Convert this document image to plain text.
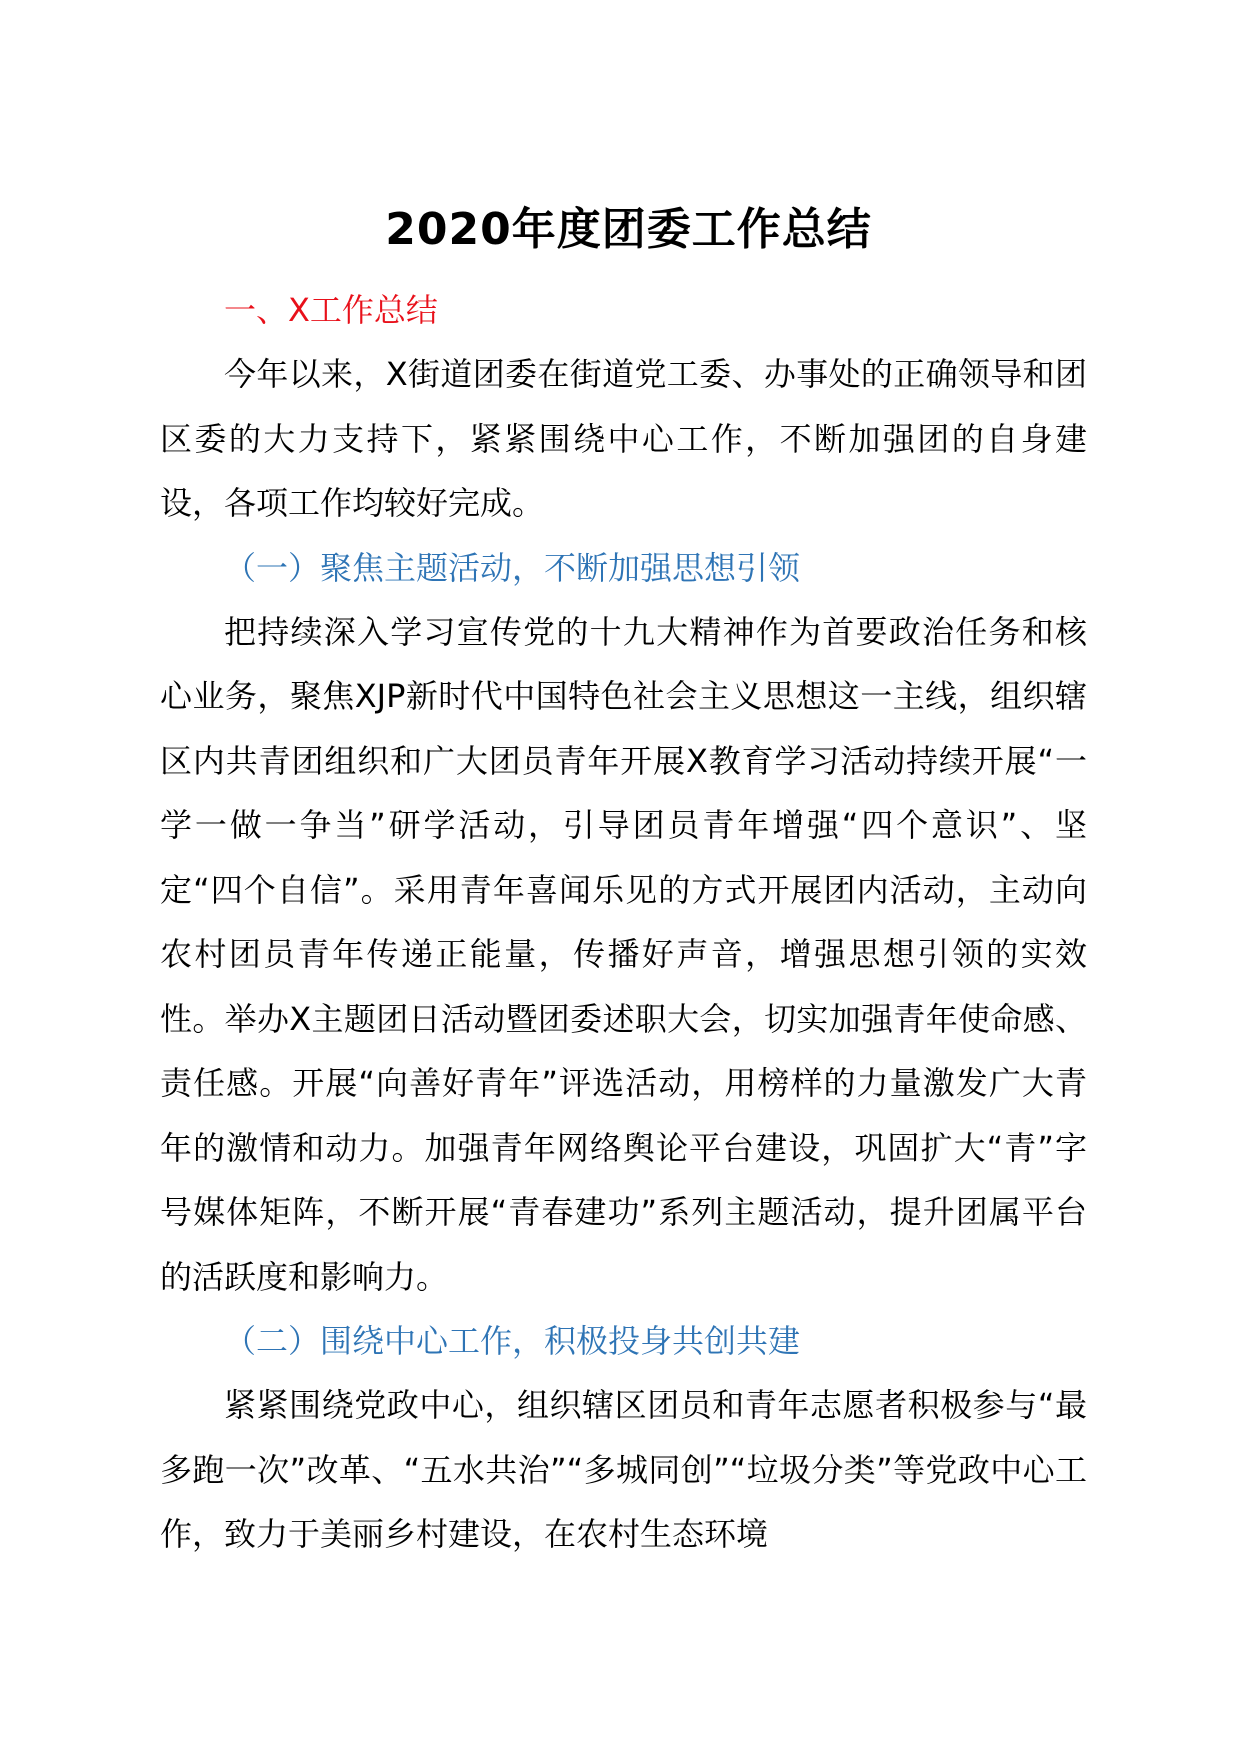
2020年度团委工作总结
一、X工作总结

今年以来，X街道团委在街道党工委、办事处的正确领导和团区委的大力支持下，紧紧围绕中心工作，不断加强团的自身建设，各项工作均较好完成。

（一）聚焦主题活动，不断加强思想引领

把持续深入学习宣传党的十九大精神作为首要政治任务和核心业务，聚焦XJP新时代中国特色社会主义思想这一主线，组织辖区内共青团组织和广大团员青年开展X教育学习活动持续开展“一学一做一争当”研学活动，引导团员青年增强“四个意识”、坚定“四个自信”。采用青年喜闻乐见的方式开展团内活动，主动向农村团员青年传递正能量，传播好声音，增强思想引领的实效性。举办X主题团日活动暨团委述职大会，切实加强青年使命感、责任感。开展“向善好青年”评选活动，用榜样的力量激发广大青年的激情和动力。加强青年网络舆论平台建设，巩固扩大“青”字号媒体矩阵，不断开展“青春建功”系列主题活动，提升团属平台的活跃度和影响力。

（二）围绕中心工作，积极投身共创共建

紧紧围绕党政中心，组织辖区团员和青年志愿者积极参与“最多跑一次”改革、“五水共治”“多城同创”“垃圾分类”等党政中心工作，致力于美丽乡村建设，在农村生态环境
